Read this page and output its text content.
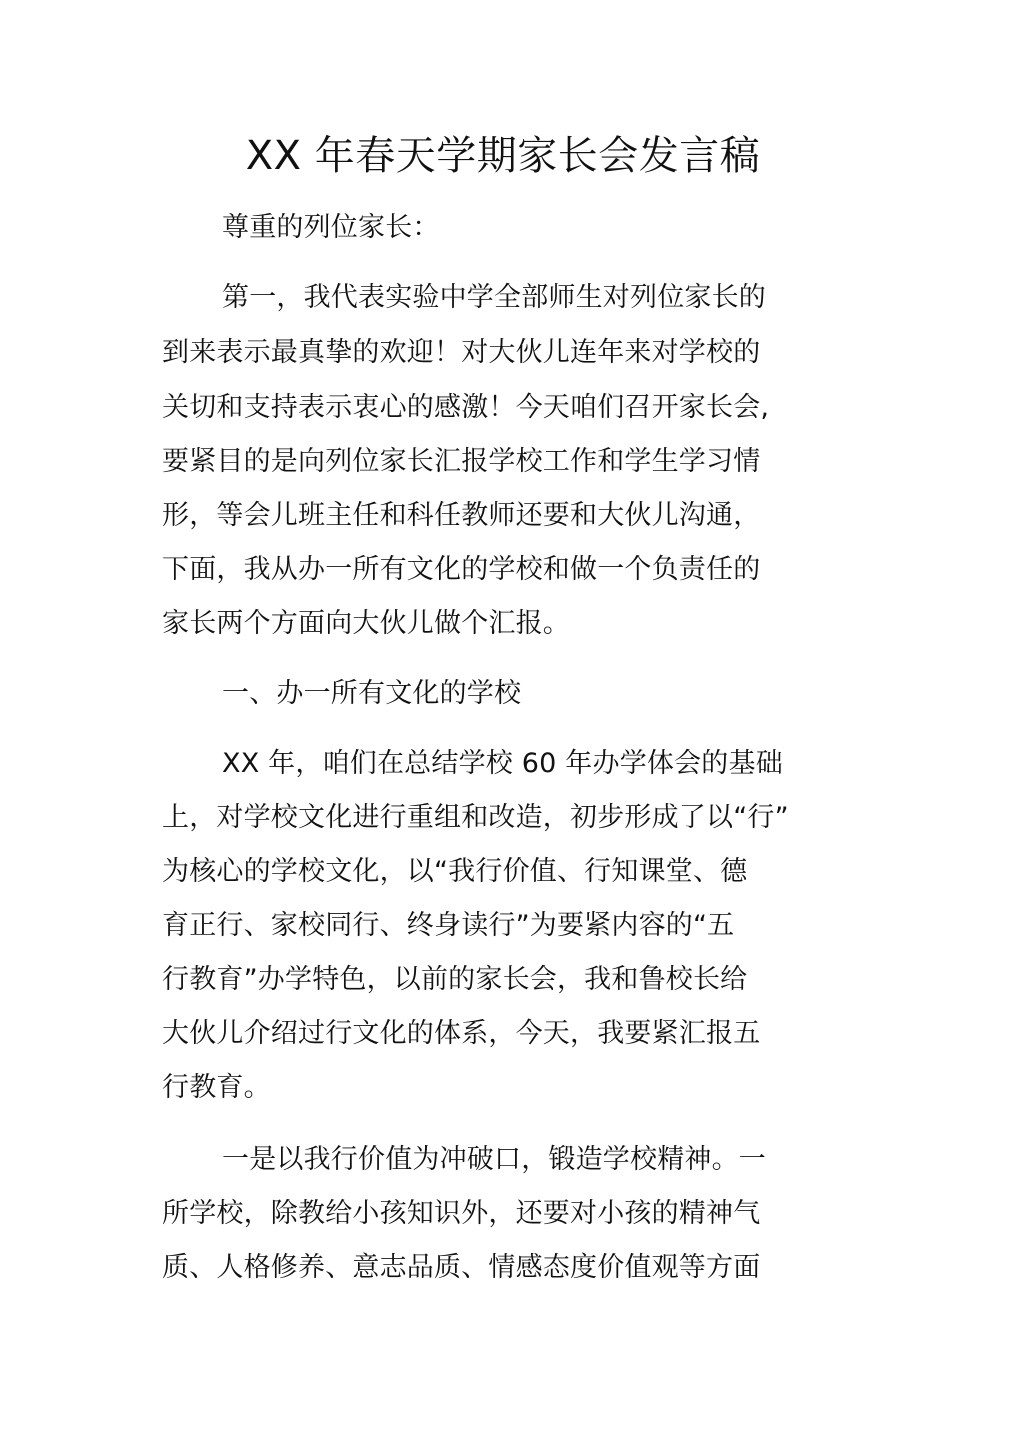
XX 年春天学期家长会发言稿
尊重的列位家长：
第一，我代表实验中学全部师生对列位家长的
到来表示最真挚的欢迎！对大伙儿连年来对学校的
关切和支持表示衷心的感激！今天咱们召开家长会,
要紧目的是向列位家长汇报学校工作和学生学习情
形，等会儿班主任和科任教师还要和大伙儿沟通，
下面，我从办一所有文化的学校和做一个负责任的
家长两个方面向大伙儿做个汇报。
一、办一所有文化的学校
XX 年，咱们在总结学校 60 年办学体会的基础
上，对学校文化进行重组和改造，初步形成了以“行”
为核心的学校文化，以“我行价值、行知课堂、德
育正行、家校同行、终身读行”为要紧内容的“五
行教育”办学特色，以前的家长会，我和鲁校长给
大伙儿介绍过行文化的体系，今天，我要紧汇报五
行教育。
一是以我行价值为冲破口，锻造学校精神。一
所学校，除教给小孩知识外，还要对小孩的精神气
质、人格修养、意志品质、情感态度价值观等方面
